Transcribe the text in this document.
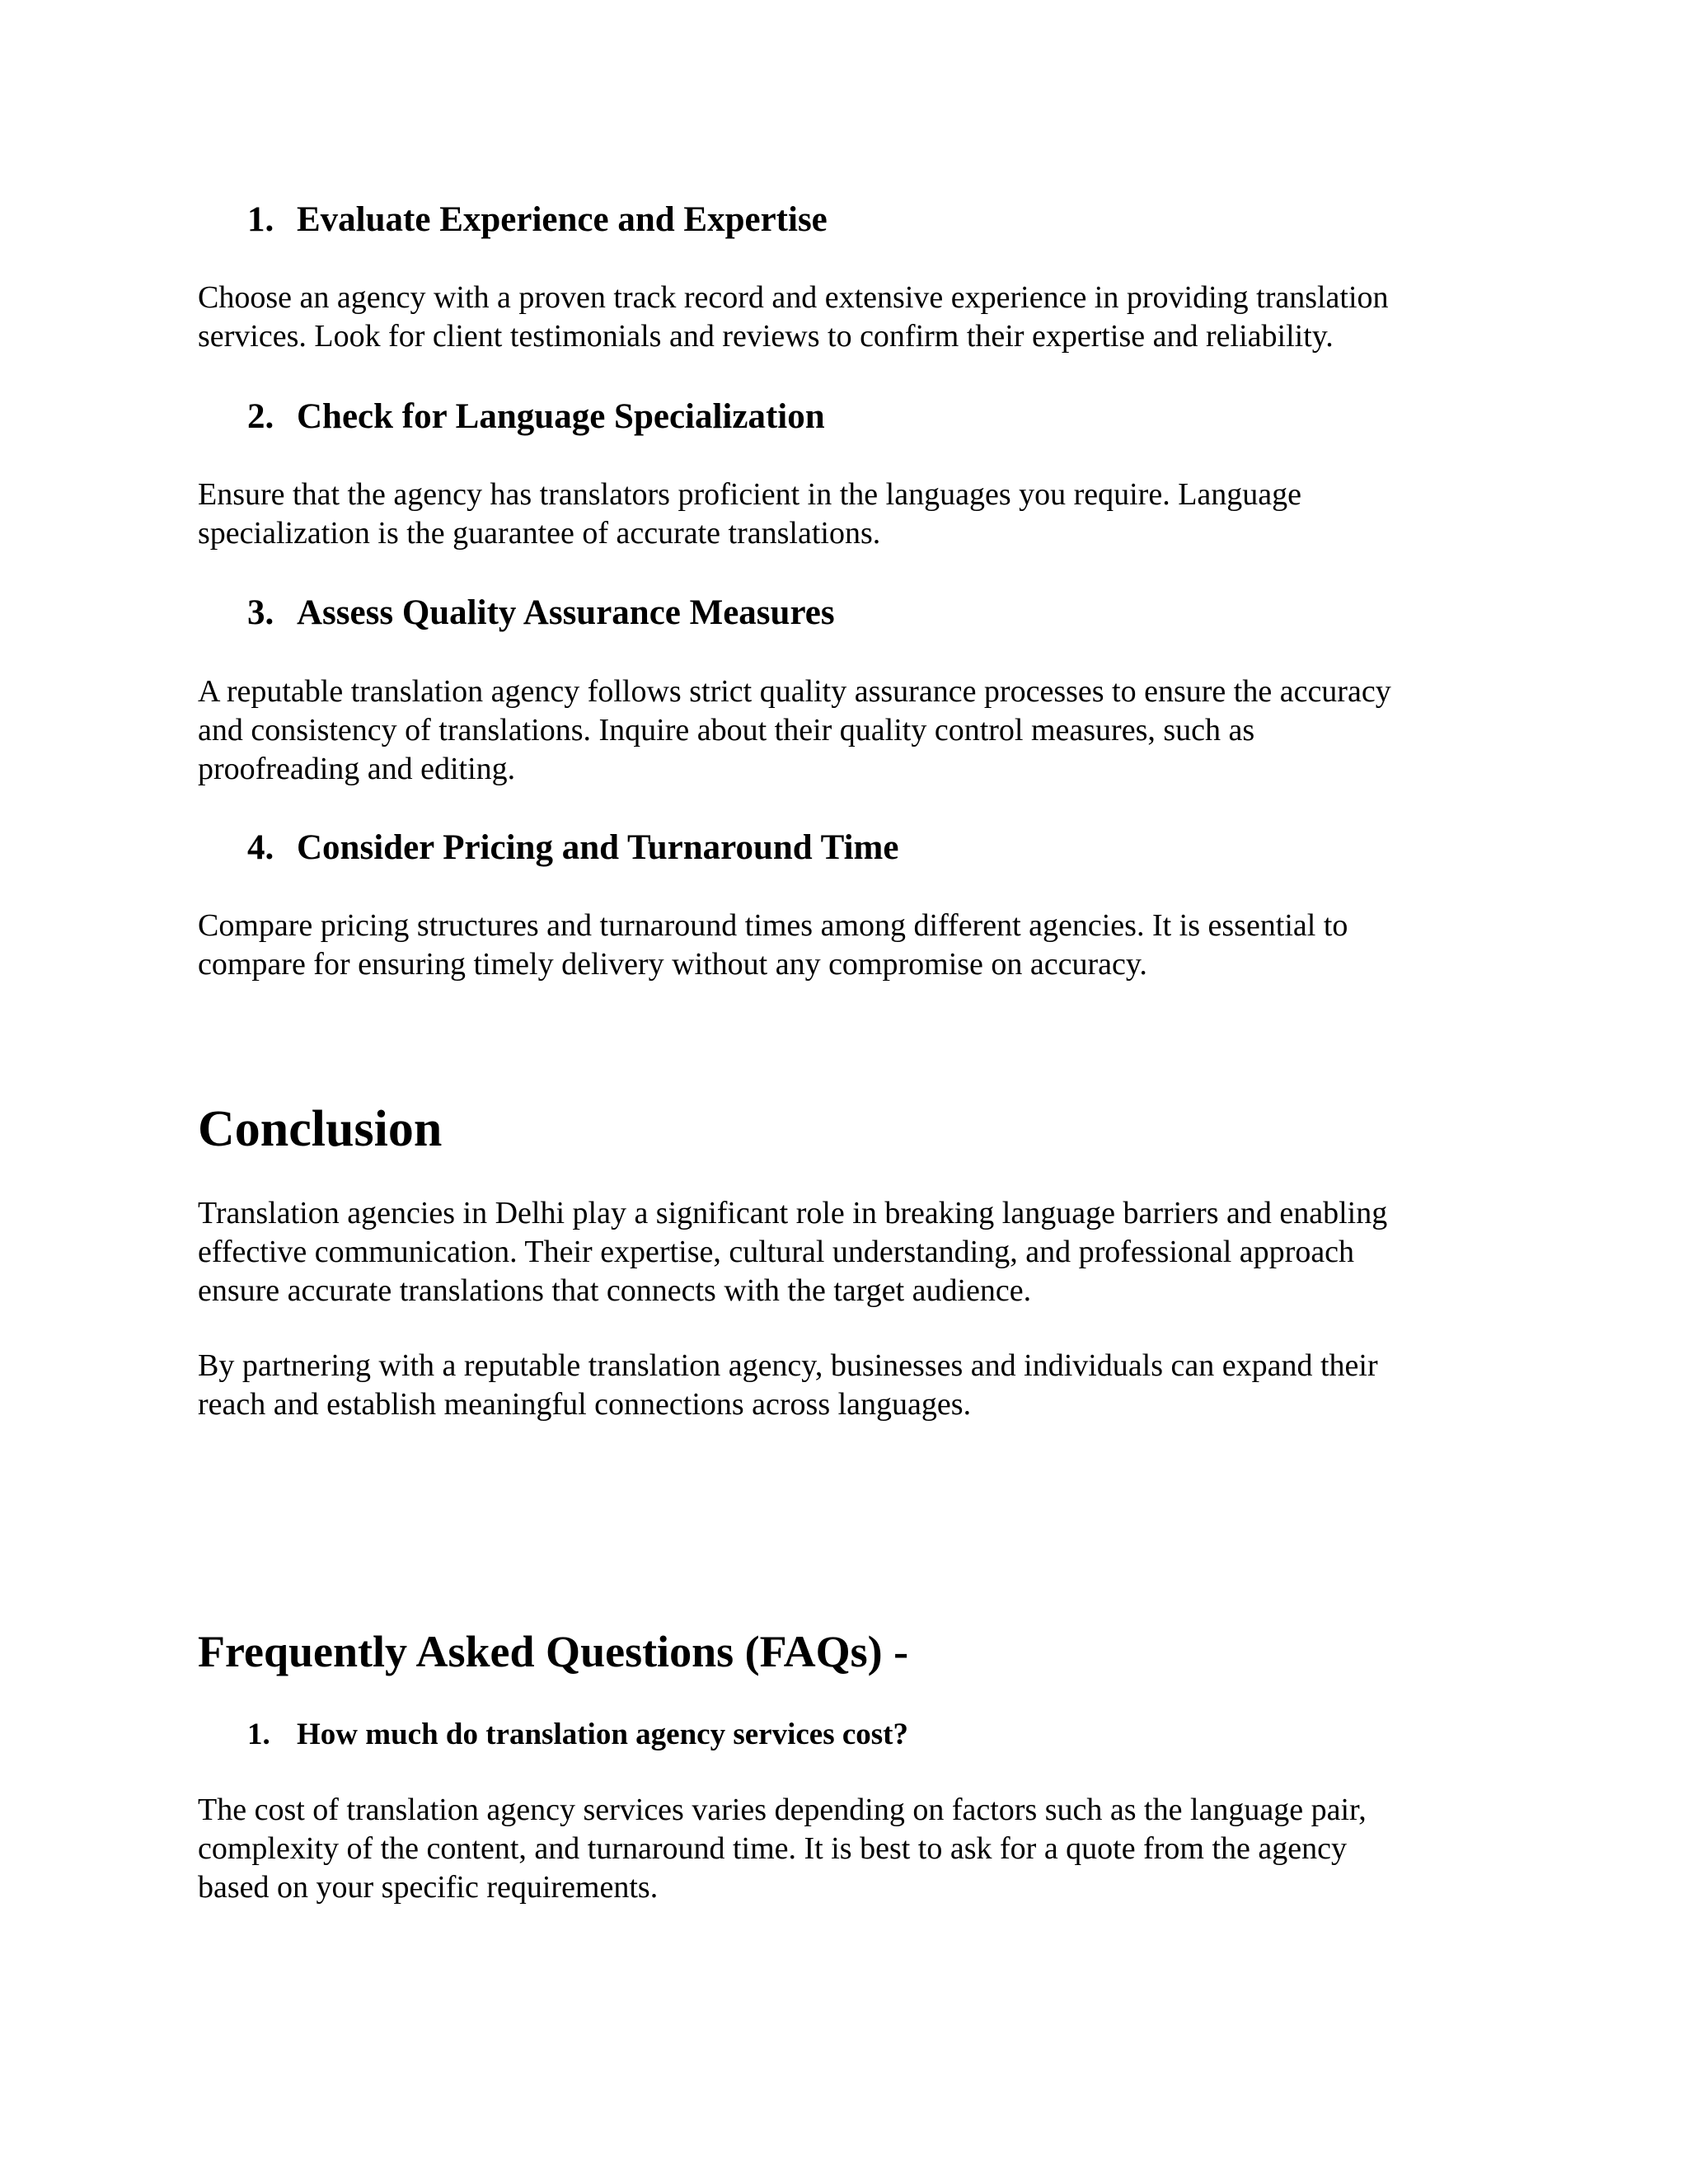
1. Evaluate Experience and Expertise

Choose an agency with a proven track record and extensive experience in providing translation
services. Look for client testimonials and reviews to confirm their expertise and reliability.

2. Check for Language Specialization

Ensure that the agency has translators proficient in the languages you require. Language
specialization is the guarantee of accurate translations.

3. Assess Quality Assurance Measures

A reputable translation agency follows strict quality assurance processes to ensure the accuracy
and consistency of translations. Inquire about their quality control measures, such as
proofreading and editing.

4. Consider Pricing and Turnaround Time

Compare pricing structures and turnaround times among different agencies. It is essential to
compare for ensuring timely delivery without any compromise on accuracy.

Conclusion

Translation agencies in Delhi play a significant role in breaking language barriers and enabling
effective communication. Their expertise, cultural understanding, and professional approach
ensure accurate translations that connects with the target audience.

By partnering with a reputable translation agency, businesses and individuals can expand their
reach and establish meaningful connections across languages.

Frequently Asked Questions (FAQs) -
1. How much do translation agency services cost?

The cost of translation agency services varies depending on factors such as the language pair,
complexity of the content, and turnaround time. It is best to ask for a quote from the agency
based on your specific requirements.
